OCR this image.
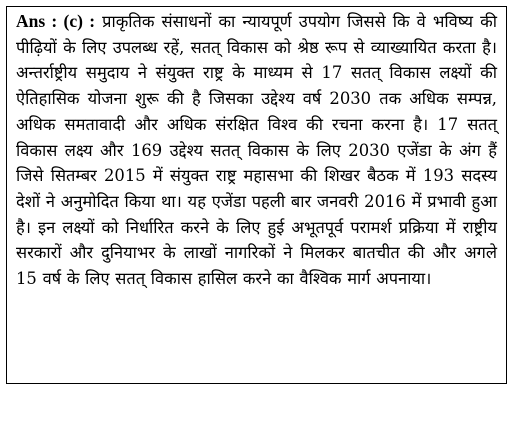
Ans : (c) : प्राकृतिक संसाधनों का न्यायपूर्ण उपयोग जिससे कि वे भविष्य की पीढ़ियों के लिए उपलब्ध रहें, सतत् विकास को श्रेष्ठ रूप से व्याख्यायित करता है। अन्तर्राष्ट्रीय समुदाय ने संयुक्त राष्ट्र के माध्यम से 17 सतत् विकास लक्ष्यों की ऐतिहासिक योजना शुरू की है जिसका उद्देश्य वर्ष 2030 तक अधिक सम्पन्न, अधिक समतावादी और अधिक संरक्षित विश्व की रचना करना है। 17 सतत् विकास लक्ष्य और 169 उद्देश्य सतत् विकास के लिए 2030 एजेंडा के अंग हैं जिसे सितम्बर 2015 में संयुक्त राष्ट्र महासभा की शिखर बैठक में 193 सदस्य देशों ने अनुमोदित किया था। यह एजेंडा पहली बार जनवरी 2016 में प्रभावी हुआ है। इन लक्ष्यों को निर्धारित करने के लिए हुई अभूतपूर्व परामर्श प्रक्रिया में राष्ट्रीय सरकारों और दुनियाभर के लाखों नागरिकों ने मिलकर बातचीत की और अगले 15 वर्ष के लिए सतत् विकास हासिल करने का वैश्विक मार्ग अपनाया।
